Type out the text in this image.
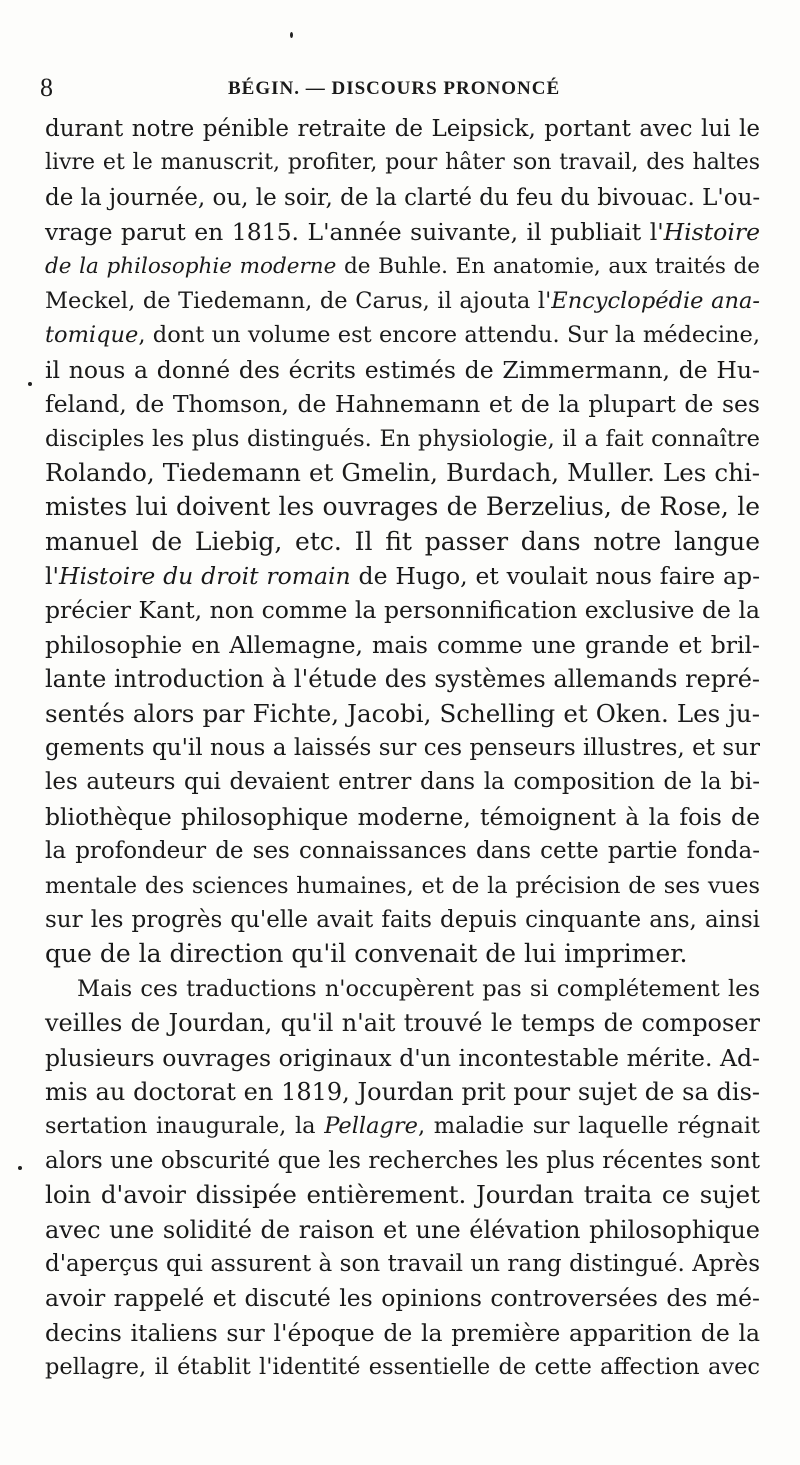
8	BÉGIN. — DISCOURS PRONONCÉ
durant notre pénible retraite de Leipsick, portant avec lui le
livre et le manuscrit, profiter, pour hâter son travail, des haltes
de la journée, ou, le soir, de la clarté du feu du bivouac. L'ou-
vrage parut en 1815. L'année suivante, il publiait l'Histoire
de la philosophie moderne de Buhle. En anatomie, aux traités de
Meckel, de Tiedemann, de Carus, il ajouta l'Encyclopédie ana-
tomique, dont un volume est encore attendu. Sur la médecine,
il nous a donné des écrits estimés de Zimmermann, de Hu-
feland, de Thomson, de Hahnemann et de la plupart de ses
disciples les plus distingués. En physiologie, il a fait connaître
Rolando, Tiedemann et Gmelin, Burdach, Muller. Les chi-
mistes lui doivent les ouvrages de Berzelius, de Rose, le
manuel de Liebig, etc. Il fit passer dans notre langue
l'Histoire du droit romain de Hugo, et voulait nous faire ap-
précier Kant, non comme la personnification exclusive de la
philosophie en Allemagne, mais comme une grande et bril-
lante introduction à l'étude des systèmes allemands repré-
sentés alors par Fichte, Jacobi, Schelling et Oken. Les ju-
gements qu'il nous a laissés sur ces penseurs illustres, et sur
les auteurs qui devaient entrer dans la composition de la bi-
bliothèque philosophique moderne, témoignent à la fois de
la profondeur de ses connaissances dans cette partie fonda-
mentale des sciences humaines, et de la précision de ses vues
sur les progrès qu'elle avait faits depuis cinquante ans, ainsi
que de la direction qu'il convenait de lui imprimer.
Mais ces traductions n'occupèrent pas si complétement les
veilles de Jourdan, qu'il n'ait trouvé le temps de composer
plusieurs ouvrages originaux d'un incontestable mérite. Ad-
mis au doctorat en 1819, Jourdan prit pour sujet de sa dis-
sertation inaugurale, la Pellagre, maladie sur laquelle régnait
alors une obscurité que les recherches les plus récentes sont
loin d'avoir dissipée entièrement. Jourdan traita ce sujet
avec une solidité de raison et une élévation philosophique
d'aperçus qui assurent à son travail un rang distingué. Après
avoir rappelé et discuté les opinions controversées des mé-
decins italiens sur l'époque de la première apparition de la
pellagre, il établit l'identité essentielle de cette affection avec
